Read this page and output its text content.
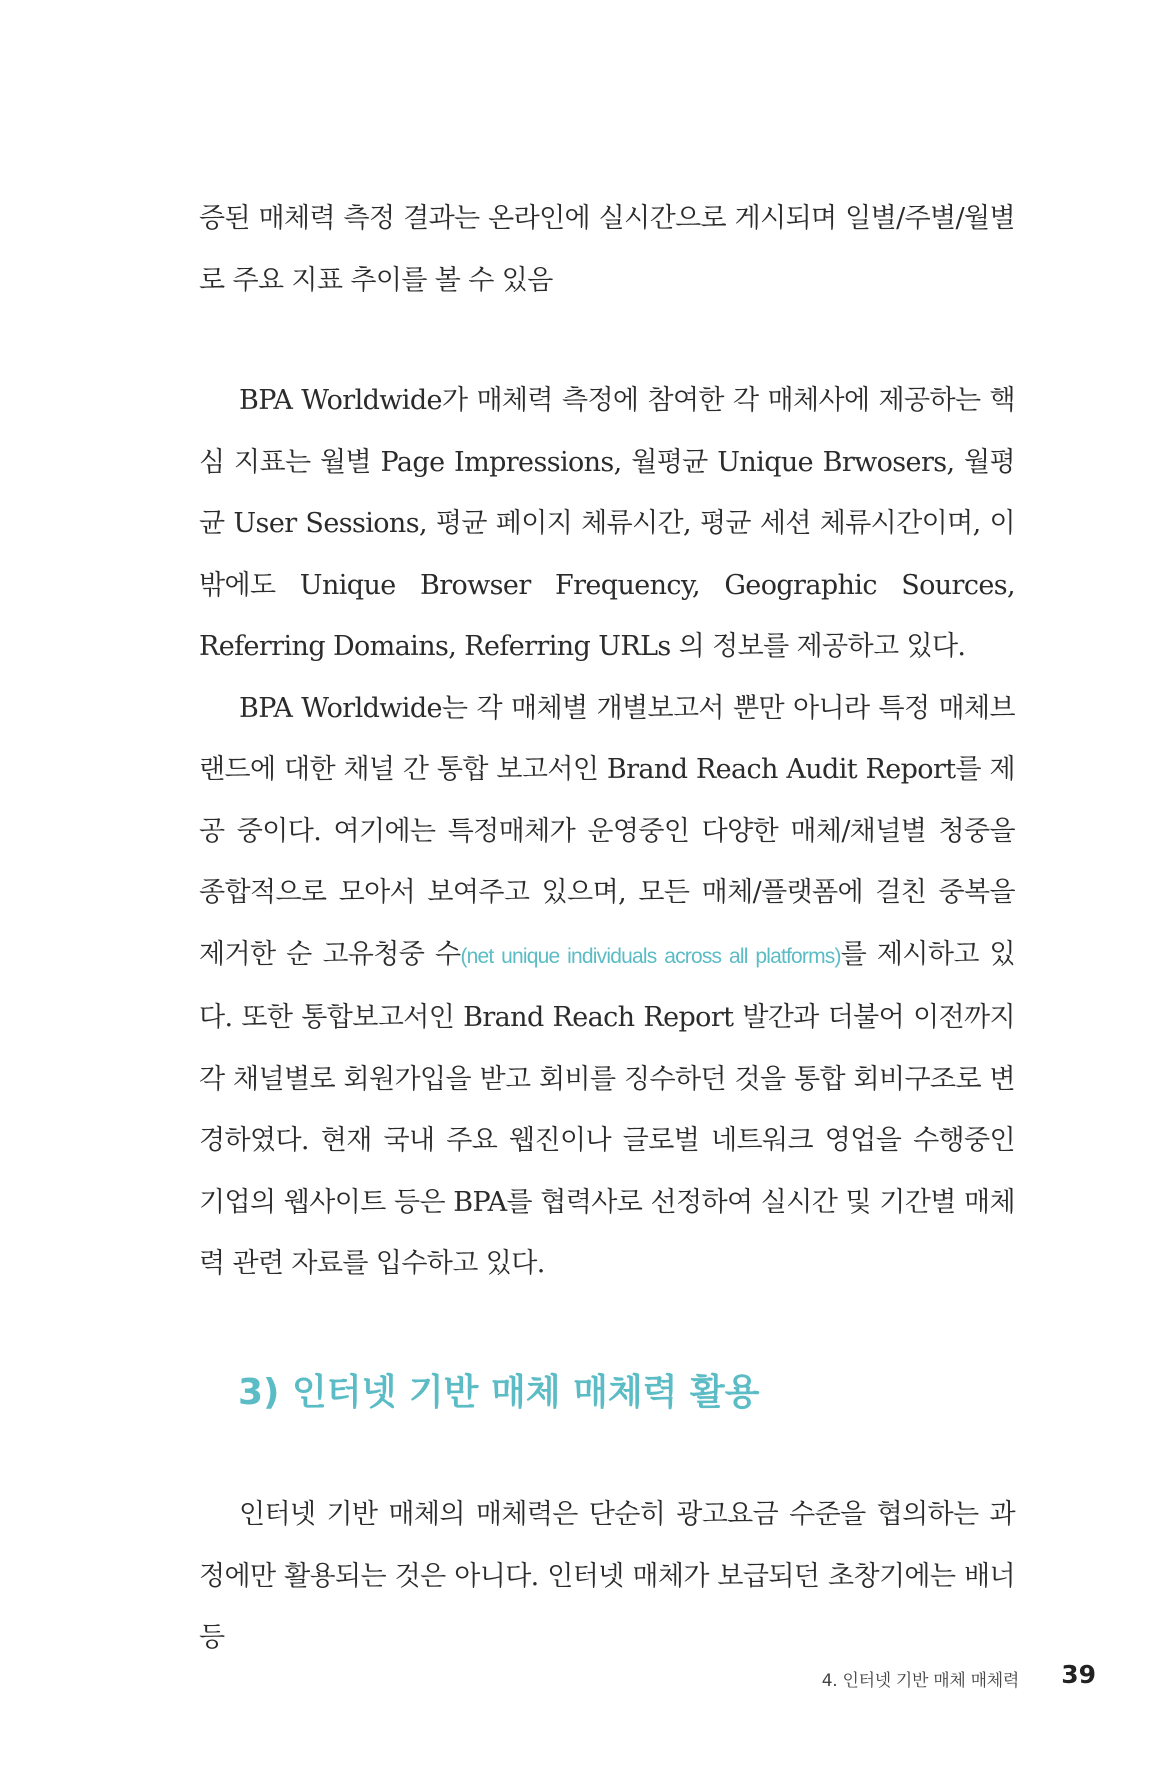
증된 매체력 측정 결과는 온라인에 실시간으로 게시되며 일별/주별/월별 로 주요 지표 추이를 볼 수 있음

BPA Worldwide가 매체력 측정에 참여한 각 매체사에 제공하는 핵심 지표는 월별 Page Impressions, 월평균 Unique Brwosers, 월평균 User Sessions, 평균 페이지 체류시간, 평균 세션 체류시간이며, 이밖에도 Unique Browser Frequency, Geographic Sources, Referring Domains, Referring URLs 의 정보를 제공하고 있다.

BPA Worldwide는 각 매체별 개별보고서 뿐만 아니라 특정 매체브랜드에 대한 채널 간 통합 보고서인 Brand Reach Audit Report를 제공 중이다. 여기에는 특정매체가 운영중인 다양한 매체/채널별 청중을 종합적으로 모아서 보여주고 있으며, 모든 매체/플랫폼에 걸친 중복을 제거한 순 고유청중 수(net unique individuals across all platforms)를 제시하고 있다. 또한 통합보고서인 Brand Reach Report 발간과 더불어 이전까지 각 채널별로 회원가입을 받고 회비를 징수하던 것을 통합 회비구조로 변경하였다. 현재 국내 주요 웹진이나 글로벌 네트워크 영업을 수행중인 기업의 웹사이트 등은 BPA를 협력사로 선정하여 실시간 및 기간별 매체력 관련 자료를 입수하고 있다.

3) 인터넷 기반 매체 매체력 활용

인터넷 기반 매체의 매체력은 단순히 광고요금 수준을 협의하는 과정에만 활용되는 것은 아니다. 인터넷 매체가 보급되던 초창기에는 배너 등

4. 인터넷 기반 매체 매체력 39
